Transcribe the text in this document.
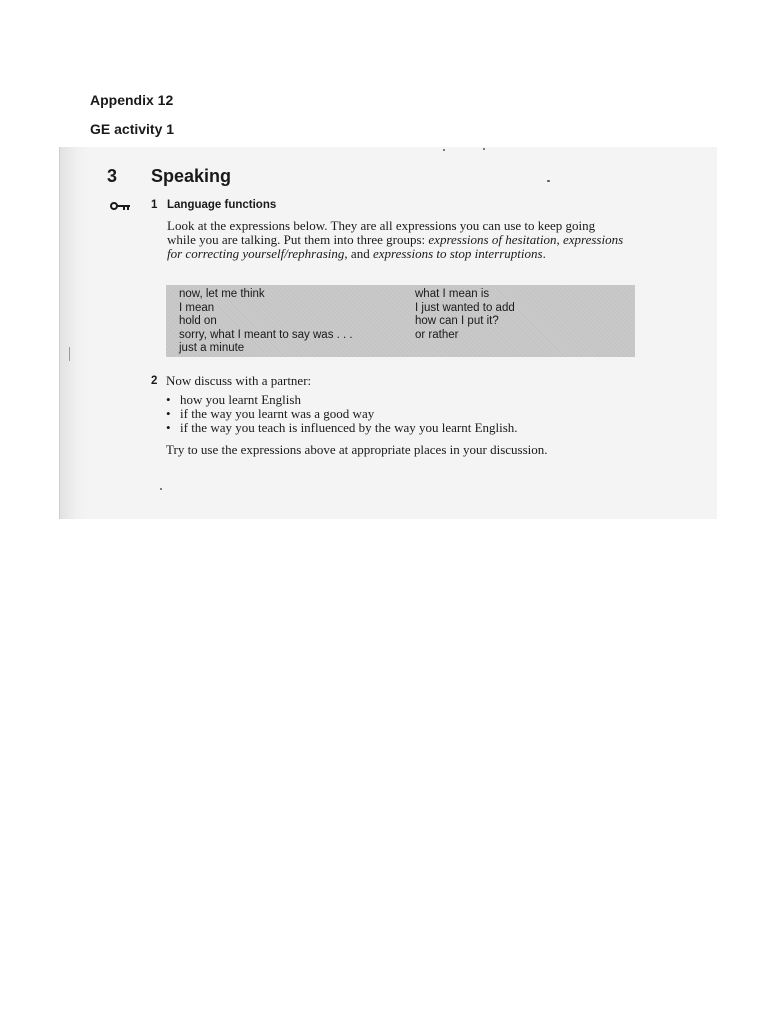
Appendix 12
GE activity 1
3 Speaking
1 Language functions
Look at the expressions below. They are all expressions you can use to keep going while you are talking. Put them into three groups: expressions of hesitation, expressions for correcting yourself/rephrasing, and expressions to stop interruptions.
now, let me think
I mean
hold on
sorry, what I meant to say was . . .
just a minute
what I mean is
I just wanted to add
how can I put it?
or rather
2 Now discuss with a partner:
• how you learnt English
• if the way you learnt was a good way
• if the way you teach is influenced by the way you learnt English.
Try to use the expressions above at appropriate places in your discussion.
